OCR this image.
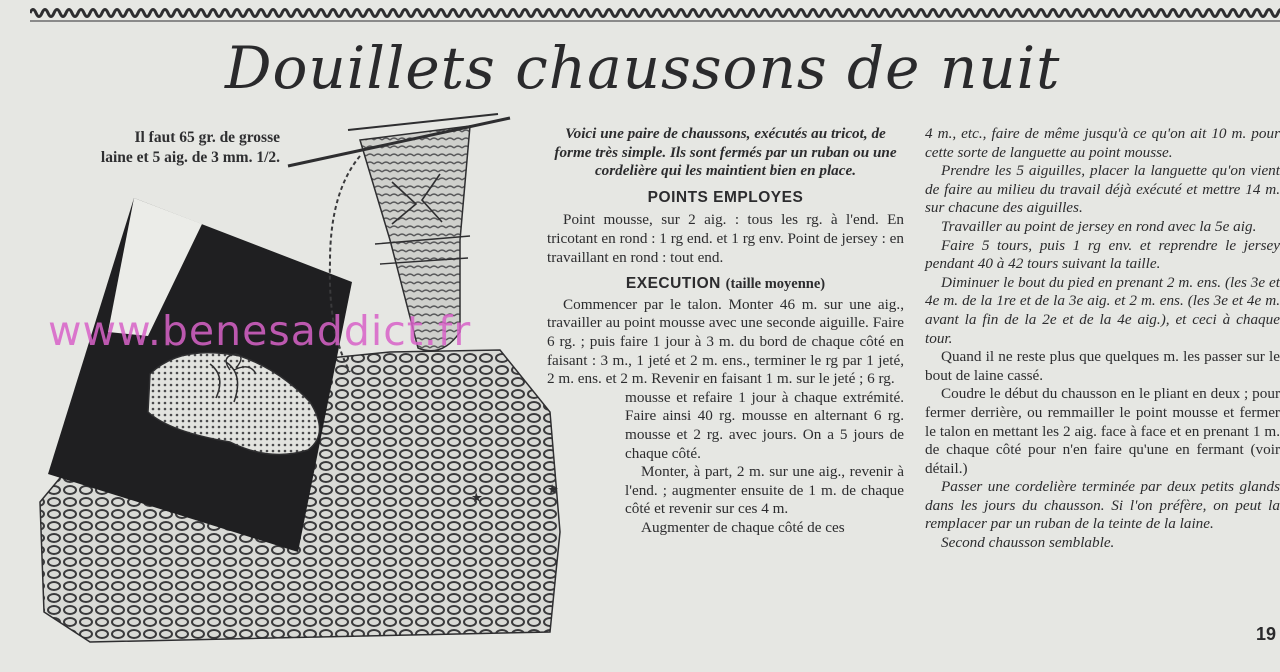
Douillets chaussons de nuit
Il faut 65 gr. de grosse
laine et 5 aig. de 3 mm. 1/2.
www.benesaddict.fr

Voici une paire de chaussons, exécutés au tricot, de forme très simple. Ils sont fermés par un ruban ou une cordelière qui les maintient bien en place.

POINTS EMPLOYES

Point mousse, sur 2 aig. : tous les rg. à l'end. En tricotant en rond : 1 rg end. et 1 rg env. Point de jersey : en travaillant en rond : tout end.

EXECUTION (taille moyenne)

Commencer par le talon. Monter 46 m. sur une aig., travailler au point mousse avec une seconde aiguille. Faire 6 rg. ; puis faire 1 jour à 3 m. du bord de chaque côté en faisant : 3 m., 1 jeté et 2 m. ens., terminer le rg par 1 jeté, 2 m. ens. et 2 m. Revenir en faisant 1 m. sur le jeté ; 6 rg.

mousse et refaire 1 jour à chaque extrémité. Faire ainsi 40 rg. mousse en alternant 6 rg. mousse et 2 rg. avec jours. On a 5 jours de chaque côté.

Monter, à part, 2 m. sur une aig., revenir à l'end. ; augmenter ensuite de 1 m. de chaque côté et revenir sur ces 4 m.

Augmenter de chaque côté de ces

4 m., etc., faire de même jusqu'à ce qu'on ait 10 m. pour cette sorte de languette au point mousse.

Prendre les 5 aiguilles, placer la languette qu'on vient de faire au milieu du travail déjà exécuté et mettre 14 m. sur chacune des aiguilles.

Travailler au point de jersey en rond avec la 5e aig.

Faire 5 tours, puis 1 rg env. et reprendre le jersey pendant 40 à 42 tours suivant la taille.

Diminuer le bout du pied en prenant 2 m. ens. (les 3e et 4e m. de la 1re et de la 3e aig. et 2 m. ens. (les 3e et 4e m. avant la fin de la 2e et de la 4e aig.), et ceci à chaque tour.

Quand il ne reste plus que quelques m. les passer sur le bout de laine cassé.

Coudre le début du chausson en le pliant en deux ; pour fermer derrière, ou remmailler le point mousse et fermer le talon en mettant les 2 aig. face à face et en prenant 1 m. de chaque côté pour n'en faire qu'une en fermant (voir détail.)

Passer une cordelière terminée par deux petits glands dans les jours du chausson. Si l'on préfère, on peut la remplacer par un ruban de la teinte de la laine.

Second chausson semblable.

19
